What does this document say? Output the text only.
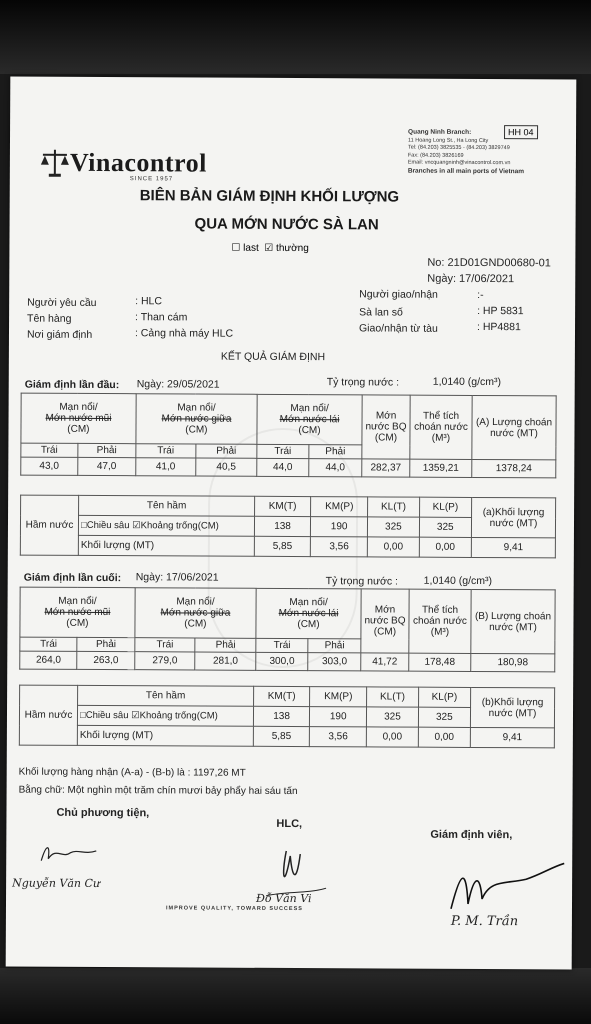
Vinacontrol
SINCE 1957
Quang Ninh Branch:
11 Hoang Long St., Ha Long City
Tel: (84.203) 3825535 - (84.203) 3829749
Fax: (84.203) 3826169
Email: vncquangninh@vinacontrol.com.vn
Branches in all main ports of Vietnam
HH 04
BIÊN BẢN GIÁM ĐỊNH KHỐI LƯỢNG
QUA MỚN NƯỚC SÀ LAN
☐ last ☑ thường
No: 21D01GND00680-01
Ngày: 17/06/2021
Người yêu cầu	: HLC
Tên hàng	: Than cám
Nơi giám định	: Cảng nhà máy HLC
Người giao/nhận	:-
Sà lan số	: HP 5831
Giao/nhận từ tàu	: HP4881
KẾT QUẢ GIÁM ĐỊNH
Giám định lần đầu: Ngày: 29/05/2021	Tỷ trọng nước :	1,0140 (g/cm³)
Mạn nổi/
Mớn nước mũi
(CM)		Mạn nổi/
Mớn nước giữa
(CM)		Mạn nổi/
Mớn nước lái
(CM)		Mớn nước BQ (CM)	Thể tích choán nước
(M³)	(A) Lượng choán nước (MT)
Trái	Phải	Trái	Phải	Trái	Phải			
43,0	47,0	41,0	40,5	44,0	44,0	282,37	1359,21	1378,24
Hầm nước	Tên hầm	KM(T)	KM(P)	KL(T)	KL(P)	(a)Khối lượng nước (MT)
	□Chiều sâu ☑Khoảng trống(CM)	138	190	325	325	
	Khối lượng (MT)	5,85	3,56	0,00	0,00	9,41
Giám định lần cuối: Ngày: 17/06/2021	Tỷ trọng nước : 1,0140 (g/cm³)
Mạn nổi/
Mớn nước mũi
(CM)		Mạn nổi/
Mớn nước giữa
(CM)		Mạn nổi/
Mớn nước lái
(CM)		Mớn nước BQ (CM)	Thể tích choán nước
(M³)	(B) Lượng choán nước (MT)
Trái	Phải	Trái	Phải	Trái	Phải			
264,0	263,0	279,0	281,0	300,0	303,0	41,72	178,48	180,98
Hầm nước	Tên hầm	KM(T)	KM(P)	KL(T)	KL(P)	(b)Khối lượng nước (MT)
	□Chiều sâu ☑Khoảng trống(CM)	138	190	325	325	
	Khối lượng (MT)	5,85	3,56	0,00	0,00	9,41
Khối lượng hàng nhận (A-a) - (B-b) là : 1197,26 MT
Bằng chữ: Một nghìn một trăm chín mươi bảy phẩy hai sáu tấn
Chủ phương tiện,
HLC,
Giám định viên,
Nguyễn Văn Cư
Đỗ Văn Vi
P. M. Trần
IMPROVE QUALITY, TOWARD SUCCESS
